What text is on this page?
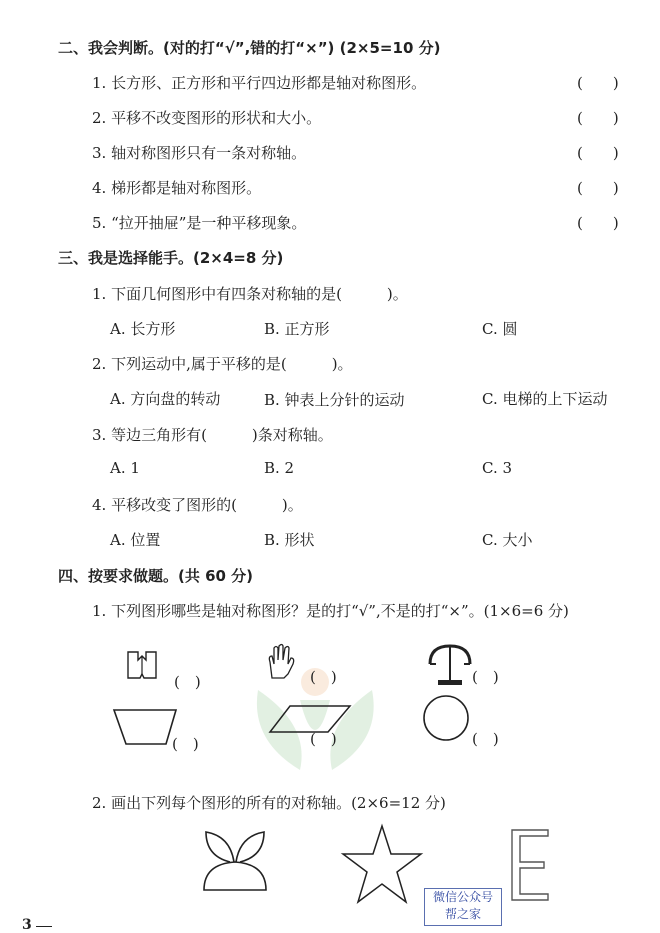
二、我会判断。(对的打“√”,错的打“×”) (2×5=10 分)
1. 长方形、正方形和平行四边形都是轴对称图形。	(　　)
2. 平移不改变图形的形状和大小。	(　　)
3. 轴对称图形只有一条对称轴。	(　　)
4. 梯形都是轴对称图形。	(　　)
5. “拉开抽屉”是一种平移现象。	(　　)
三、我是选择能手。(2×4=8 分)
1. 下面几何图形中有四条对称轴的是(　　　)。
A. 长方形	B. 正方形	C. 圆
2. 下列运动中,属于平移的是(　　　)。
A. 方向盘的转动	B. 钟表上分针的运动	C. 电梯的上下运动
3. 等边三角形有(　　　)条对称轴。
A. 1	B. 2	C. 3
4. 平移改变了图形的(　　　)。
A. 位置	B. 形状	C. 大小
四、按要求做题。(共 60 分)
1. 下列图形哪些是轴对称图形？是的打“√”,不是的打“×”。(1×6=6 分)
(　)	(　)	(　)
(　)	(　)	(　)
2. 画出下列每个图形的所有的对称轴。(2×6=12 分)
微信公众号
帮之家
3
